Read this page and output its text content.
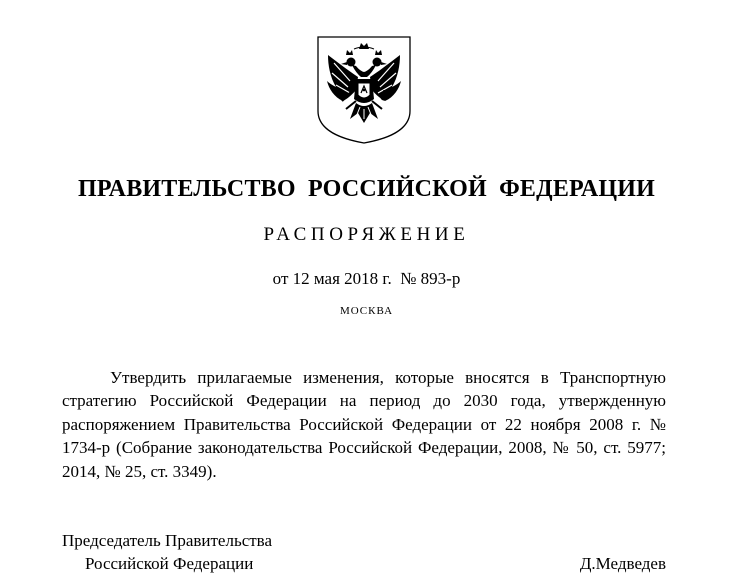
ПРАВИТЕЛЬСТВО РОССИЙСКОЙ ФЕДЕРАЦИИ
РАСПОРЯЖЕНИЕ
от 12 мая 2018 г.  № 893-р
МОСКВА

Утвердить прилагаемые изменения, которые вносятся в Транспортную стратегию Российской Федерации на период до 2030 года, утвержденную распоряжением Правительства Российской Федерации от 22 ноября 2008 г. № 1734-р (Собрание законодательства Российской Федерации, 2008, № 50, ст. 5977; 2014, № 25, ст. 3349).

Председатель Правительства
Российской Федерации	Д.Медведев
